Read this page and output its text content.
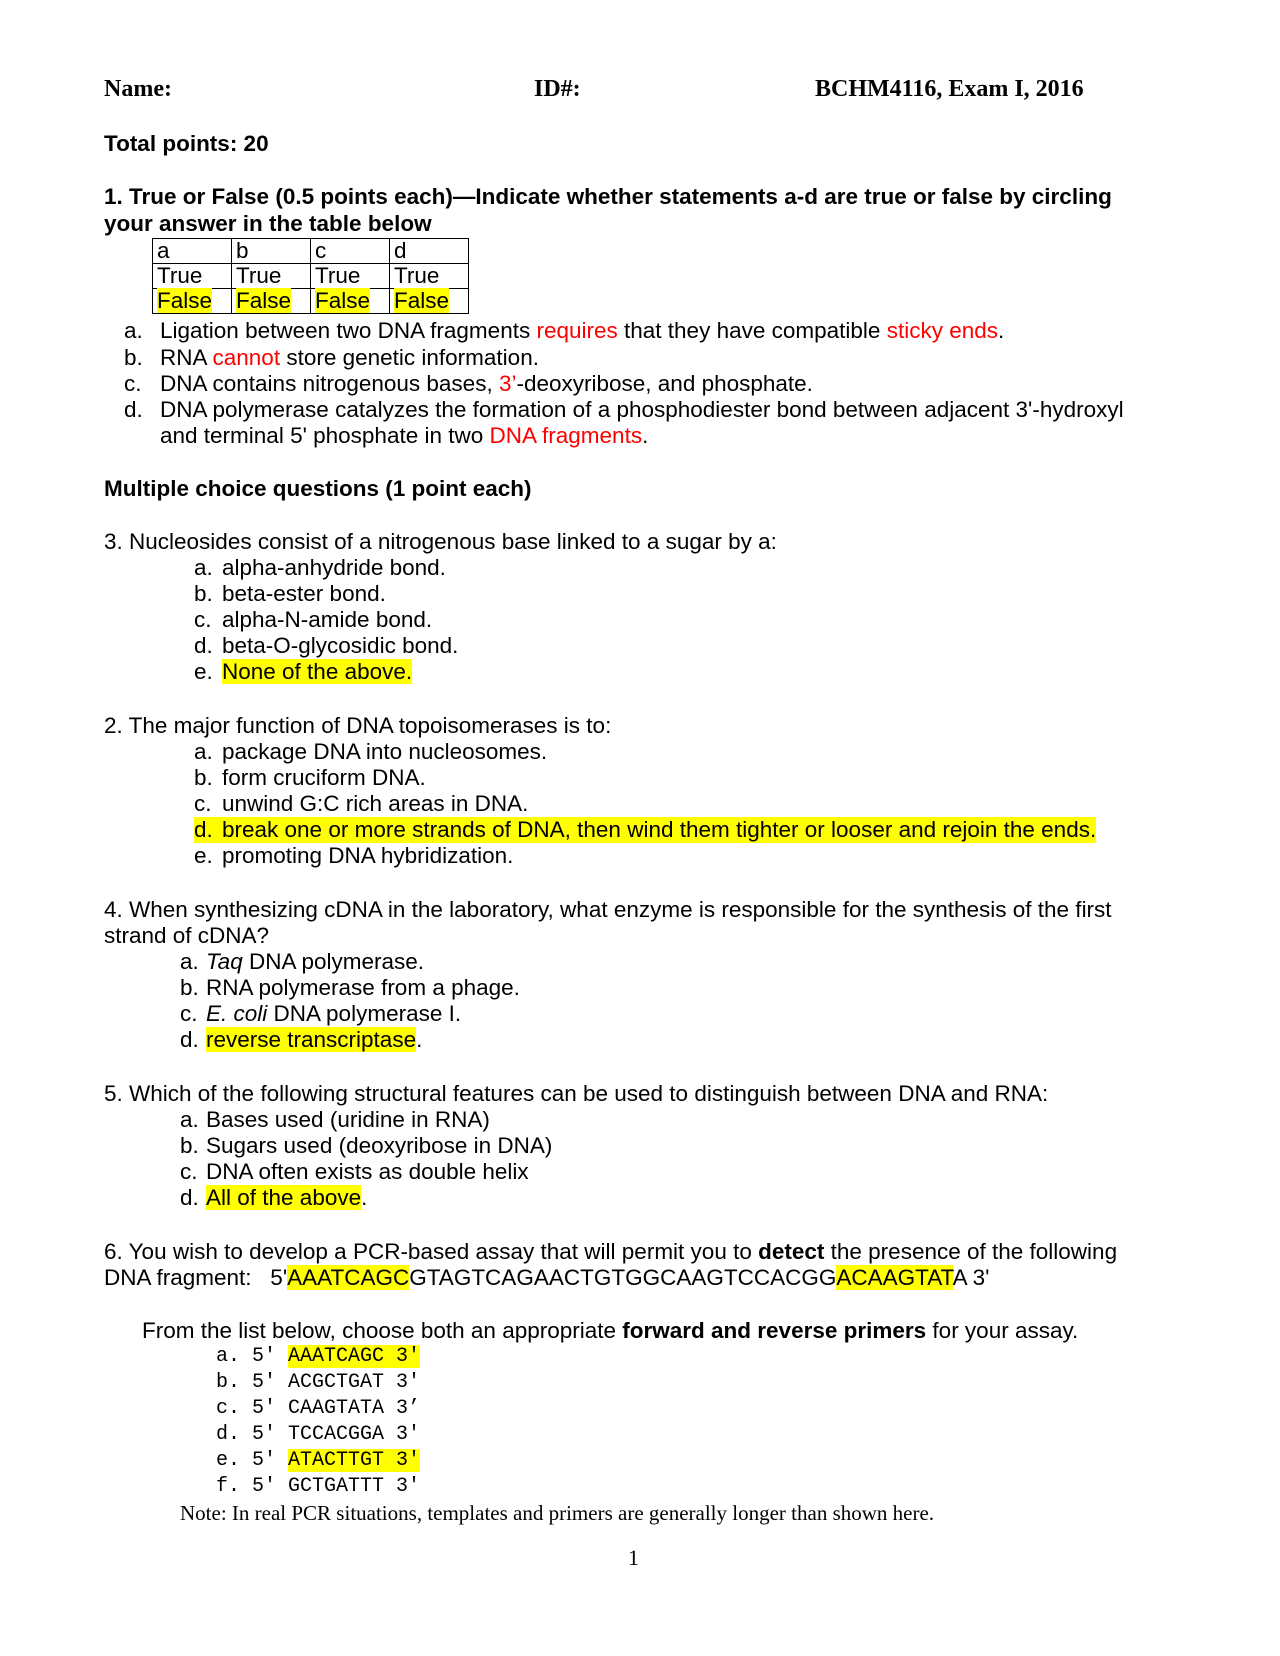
Name:	ID#:	BCHM4116, Exam I, 2016
Total points: 20
1. True or False (0.5 points each)—Indicate whether statements a-d are true or false by circling
your answer in the table below
a	b	c	d
True	True	True	True
False	False	False	False
a. Ligation between two DNA fragments requires that they have compatible sticky ends.
b. RNA cannot store genetic information.
c. DNA contains nitrogenous bases, 3’-deoxyribose, and phosphate.
d. DNA polymerase catalyzes the formation of a phosphodiester bond between adjacent 3'-hydroxyl
and terminal 5' phosphate in two DNA fragments.
Multiple choice questions (1 point each)
3. Nucleosides consist of a nitrogenous base linked to a sugar by a:
a. alpha-anhydride bond.
b. beta-ester bond.
c. alpha-N-amide bond.
d. beta-O-glycosidic bond.
e. None of the above.
2. The major function of DNA topoisomerases is to:
a. package DNA into nucleosomes.
b. form cruciform DNA.
c. unwind G:C rich areas in DNA.
d. break one or more strands of DNA, then wind them tighter or looser and rejoin the ends.
e. promoting DNA hybridization.
4. When synthesizing cDNA in the laboratory, what enzyme is responsible for the synthesis of the first
strand of cDNA?
a. Taq DNA polymerase.
b. RNA polymerase from a phage.
c. E. coli DNA polymerase I.
d. reverse transcriptase.
5. Which of the following structural features can be used to distinguish between DNA and RNA:
a. Bases used (uridine in RNA)
b. Sugars used (deoxyribose in DNA)
c. DNA often exists as double helix
d. All of the above.
6. You wish to develop a PCR-based assay that will permit you to detect the presence of the following
DNA fragment:   5'AAATCAGCGTAGTCAGAACTGTGGCAAGTCCACGGACAAGTATA 3'
From the list below, choose both an appropriate forward and reverse primers for your assay.
a. 5' AAATCAGC 3'
b. 5' ACGCTGAT 3'
c. 5' CAAGTATA 3’
d. 5' TCCACGGA 3'
e. 5' ATACTTGT 3'
f. 5' GCTGATTT 3'
Note: In real PCR situations, templates and primers are generally longer than shown here.
1
